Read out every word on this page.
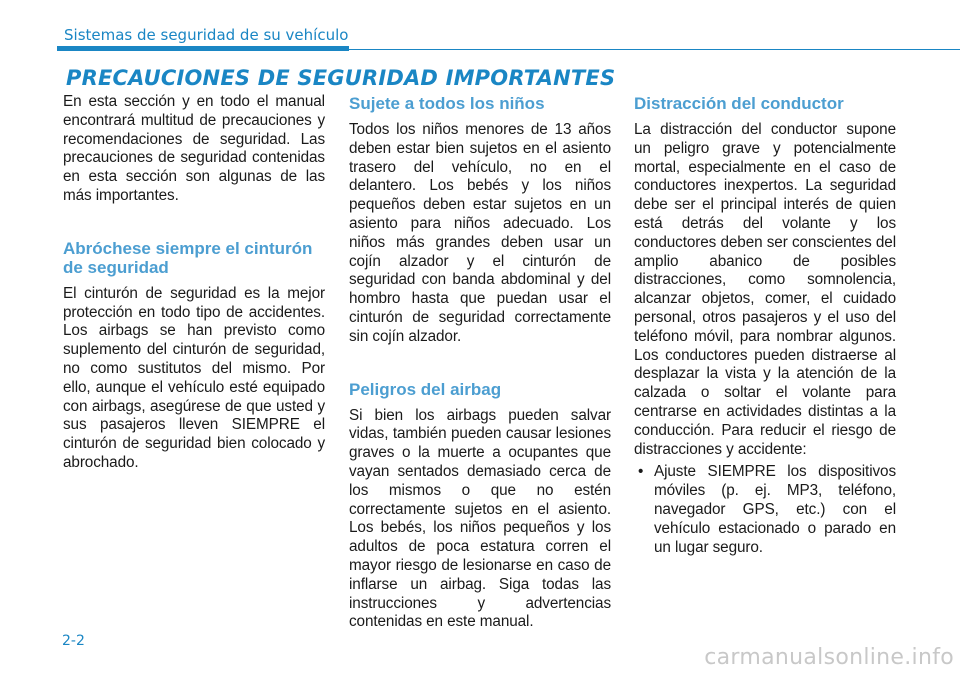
Sistemas de seguridad de su vehículo
PRECAUCIONES DE SEGURIDAD IMPORTANTES

En esta sección y en todo el manual encontrará multitud de precauciones y recomendaciones de seguridad. Las precauciones de seguridad contenidas en esta sección son algunas de las más importantes.

Abróchese siempre el cinturón de seguridad

El cinturón de seguridad es la mejor protección en todo tipo de accidentes. Los airbags se han previsto como suplemento del cinturón de seguridad, no como sustitutos del mismo. Por ello, aunque el vehículo esté equipado con airbags, asegúrese de que usted y sus pasajeros lleven SIEMPRE el cinturón de seguridad bien colocado y abrochado.

Sujete a todos los niños

Todos los niños menores de 13 años deben estar bien sujetos en el asiento trasero del vehículo, no en el delantero. Los bebés y los niños pequeños deben estar sujetos en un asiento para niños adecuado. Los niños más grandes deben usar un cojín alzador y el cinturón de seguridad con banda abdominal y del hombro hasta que puedan usar el cinturón de seguridad correctamente sin cojín alzador.

Peligros del airbag

Si bien los airbags pueden salvar vidas, también pueden causar lesiones graves o la muerte a ocupantes que vayan sentados demasiado cerca de los mismos o que no estén correctamente sujetos en el asiento. Los bebés, los niños pequeños y los adultos de poca estatura corren el mayor riesgo de lesionarse en caso de inflarse un airbag. Siga todas las instrucciones y advertencias contenidas en este manual.

Distracción del conductor

La distracción del conductor supone un peligro grave y potencialmente mortal, especialmente en el caso de conductores inexpertos. La seguridad debe ser el principal interés de quien está detrás del volante y los conductores deben ser conscientes del amplio abanico de posibles distracciones, como somnolencia, alcanzar objetos, comer, el cuidado personal, otros pasajeros y el uso del teléfono móvil, para nombrar algunos. Los conductores pueden distraerse al desplazar la vista y la atención de la calzada o soltar el volante para centrarse en actividades distintas a la conducción. Para reducir el riesgo de distracciones y accidente:

• Ajuste SIEMPRE los dispositivos móviles (p. ej. MP3, teléfono, navegador GPS, etc.) con el vehículo estacionado o parado en un lugar seguro.

2-2
carmanualsonline.info
